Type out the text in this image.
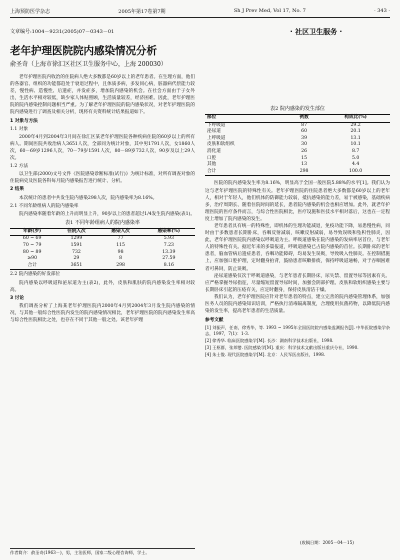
上海预防医学杂志	2005年第17卷第7期	Sh J Prev Med, Vol 17, No. 7	· 343 ·
文章编号:1004－9231(2005)07－0343－01	· 社区卫生服务 ·
老年护理医院院内感染情况分析
俞圣奇（上海市徐汇区社区卫生服务中心，上海 200030）

老年护理医院内收治的住院病人绝大多数都是60岁以上的老年患者。在生理方面，他们的各器官、组织的功能都趋处于衰退过程中，且体质多病，多发同心病，脏器病代偿能力较差，慢性病、造慢性、后遗症，并发症多，增加院内感染的机会。在社会方面由于子女外出，生活水平相对较低，缺少家人体贴照顾，生活质量较差，经济困难。因此，老年护理医院的院内感染控制问题相当严重。为了解老年护理医院的院内感染状况，对老年护理医院的院内感染进行了调查及相关分析，现将有关资料统计结果报道如下。

1 对象与方法
1.1 对象

2000年4月到2004年3月间在徐汇区某老年护理医院各种疾病住院的60岁以上的所有病人。期间医院共收治病人3651人次，全部同为统计对象，其中男1791人次，女1860人次，60－69岁1296人次，70－79岁1591人次，80－89岁732人次，90岁及以上29人次。

1.2 方法

以卫生部(2000)文号文件《医院感染诊断标准(试行)》为统计标准，对所有调查对象的住院病史及医院各科每月院内感染报告进行统计、分析。

2 结果

本次统计的患者中共发生院内感染298人次，院内感染率为8.16%。

2.1 不同年龄组病人的院内感染率

院内感染率随着年龄的上升而明显上升，90岁以上的患者超过1/4发生院内感染(表1)。

表1 不同年龄组病人的院内感染率
年龄(岁)	住院人次	感染人次	感染率(%)
60 ~ 69	1299	77	5.93
70 ~ 79	1591	115	7.23
80 ~ 89	732	98	13.39
≥90	29	8	27.59
合计	3651	298	8.16
2.2 院内感染的好发部位

院内感染以呼吸道和泌尿道为主(表2)，此外，皮肤和肌肤的院内感染发生率相对较高。

3 讨论

我们调查分析了上海某老年护理医院内2000年4月到2004年3月发生院内感染的情况，与其他一般综合性医院内发生的院内感染情况相比，老年护理医院的院内感染发生率高与综合性医院相比之处，也存在不同于其他一般之处。该老年护理

作者简介：俞圣奇(1963－)，男，主治医师，国家二级心理咨询师，学士。
表2 院内感染的发生部位
部位	例数	构成比(%)
下呼吸道	87	29.2
泌尿道	60	20.1
上呼吸道	39	13.1
皮肤和软组织	30	10.1
消化道	26	8.7
口腔	15	5.0
其他	13	4.4
合计	298	100.0

医院的院内感染发生率为8.16%，明显高于全国一般医院5.88%的水平[1]。我们认为这与老年护理医院的特殊性有关。老年护理医院的住院患者绝大多数都是60岁以上的老年人，相对于年轻人，他们机体的防御能力较弱，抵抗感染的能力差，易于被感染，基础疾病多，治疗周期长、随着住院时间的延长，患者院内感染的机会也相应增加。此外，就老年护理医院的医疗条件而言，与综合性医院相比，医疗设施和医技水平相对落后，这也在一定程度上增加了院内感染的发生。

老年患者具有统一的特殊性，即机体的生理功能减退，免疫功能下降，易患慢性病，同时由于多数患者长期卧床，吞咽反射减弱，咳嗽反射减弱，易导致误吸和坠积性肺炎，因此，老年护理医院院内感染以呼吸道为主。呼吸道感染在院内感染的发病率居首位，与老年人的特殊性有关。据近年来的多篇报道，呼吸道感染已占院内感染的首位。长期卧床的老年患者，脑血管病后遗症患者，吞咽功能障碍，均易发生误吸，导致吸入性肺炎。在控制措施上，应加强口腔护理，定时翻身拍背，鼓励患者咳嗽排痰，保持呼吸道通畅，对于吞咽困难者可鼻饲，防止误吸。

泌尿道感染仅次于呼吸道感染，与老年患者长期卧床，尿失禁、留置导尿等因素有关。应严格掌握导尿指征，尽量缩短留置导尿时间，加强会阴部护理。皮肤和软组织感染主要与长期卧床引起的压疮有关，应定时翻身，保持皮肤清洁干燥。

我们认为，老年护理医院应针对老年患者的特点，建立完善的院内感染管理体系，加强医务人员的院内感染知识培训，严格执行消毒隔离制度，合理使用抗菌药物，以降低院内感染的发生率，提高老年患者的生活质量。

参考文献
[1] 刘振声，任南，徐秀华，等. 1993 ~ 1995年全国医院院内感染监测报告[J]. 中华医院感染学杂志，1997，7(1)：1-3.
[2] 徐秀华. 临床医院感染学[M]. 长沙：湖南科学技术出版社，1998.
[3] 王枢群，张邦燮. 医院感染学[M]. 重庆：科学技术文献出版社重庆分社，1990.
[4] 朱士俊. 现代医院感染学[M]. 北京：人民军医出版社，1998.
(收稿日期：2005－04－15)
